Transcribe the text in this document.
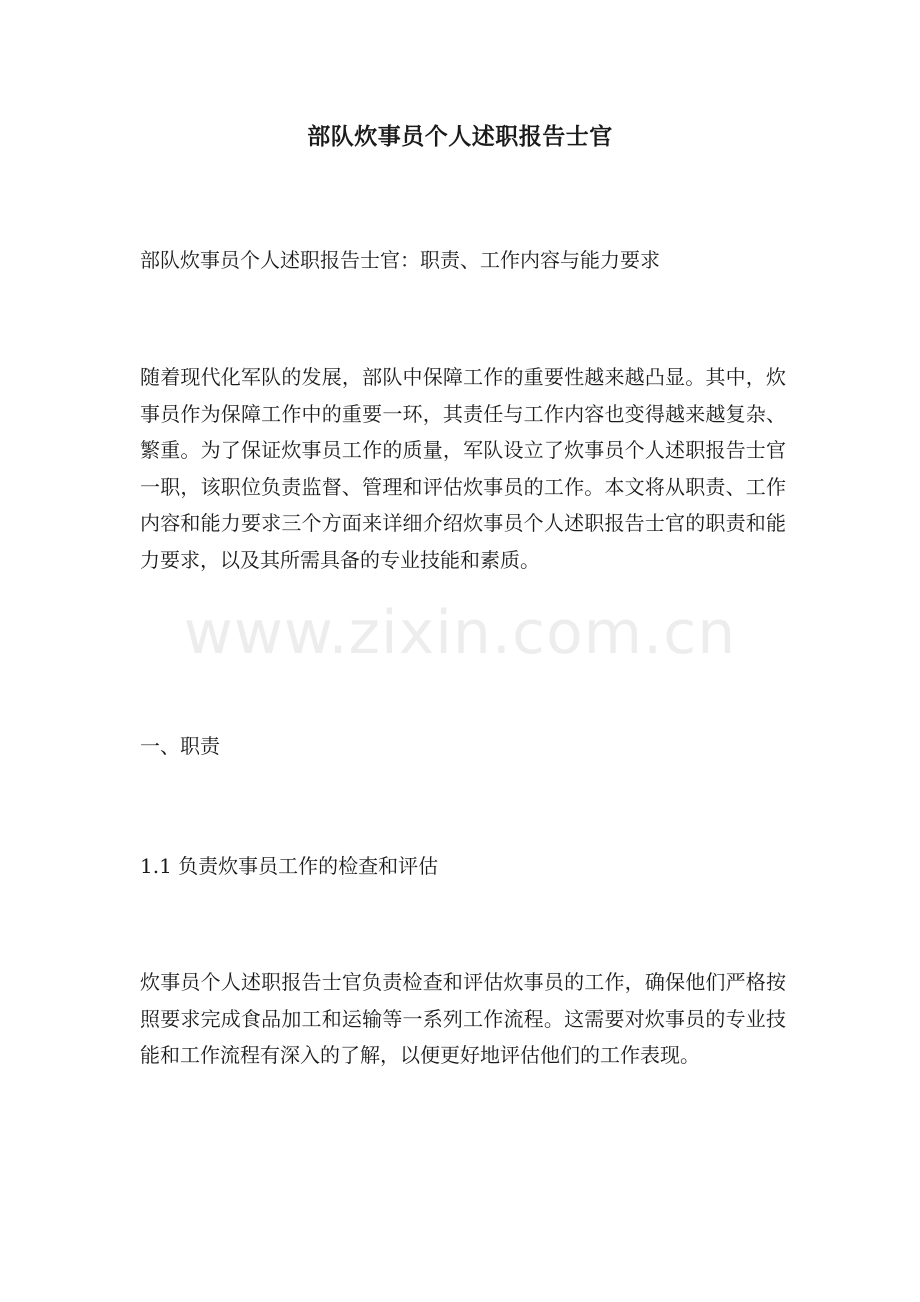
部队炊事员个人述职报告士官
部队炊事员个人述职报告士官：职责、工作内容与能力要求
随着现代化军队的发展，部队中保障工作的重要性越来越凸显。其中，炊事员作为保障工作中的重要一环，其责任与工作内容也变得越来越复杂、繁重。为了保证炊事员工作的质量，军队设立了炊事员个人述职报告士官一职，该职位负责监督、管理和评估炊事员的工作。本文将从职责、工作内容和能力要求三个方面来详细介绍炊事员个人述职报告士官的职责和能力要求，以及其所需具备的专业技能和素质。
一、职责
1.1 负责炊事员工作的检查和评估
炊事员个人述职报告士官负责检查和评估炊事员的工作，确保他们严格按照要求完成食品加工和运输等一系列工作流程。这需要对炊事员的专业技能和工作流程有深入的了解，以便更好地评估他们的工作表现。
www.zixin.com.cn
